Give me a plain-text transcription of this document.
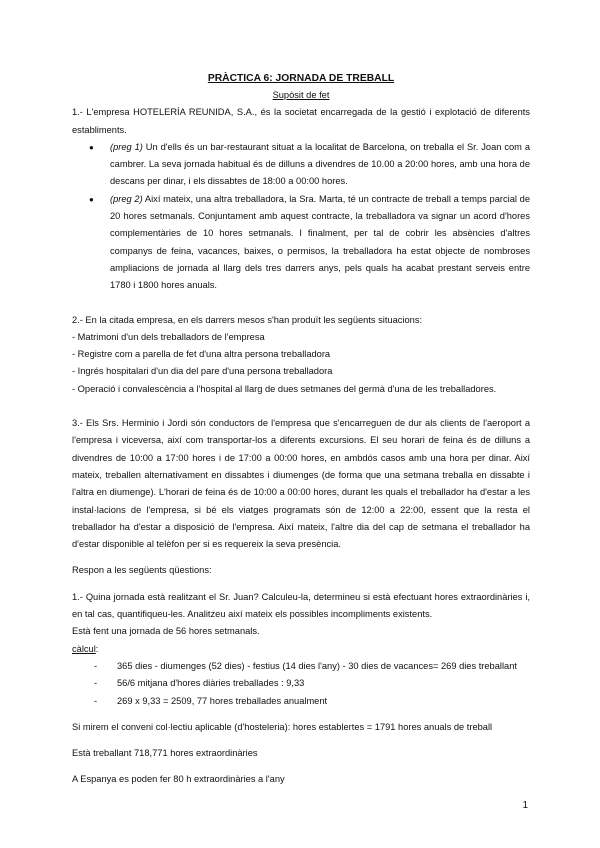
PRÀCTICA 6: JORNADA DE TREBALL

Supòsit de fet

1.- L'empresa HOTELERÍA REUNIDA, S.A., és la societat encarregada de la gestió i explotació de diferents establiments.

● (preg 1) Un d'ells és un bar-restaurant situat a la localitat de Barcelona, on treballa el Sr. Joan com a cambrer. La seva jornada habitual és de dilluns a divendres de 10.00 a 20:00 hores, amb una hora de descans per dinar, i els dissabtes de 18:00 a 00:00 hores.
● (preg 2) Així mateix, una altra treballadora, la Sra. Marta, té un contracte de treball a temps parcial de 20 hores setmanals. Conjuntament amb aquest contracte, la treballadora va signar un acord d'hores complementàries de 10 hores setmanals. I finalment, per tal de cobrir les absències d'altres companys de feina, vacances, baixes, o permisos, la treballadora ha estat objecte de nombroses ampliacions de jornada al llarg dels tres darrers anys, pels quals ha acabat prestant serveis entre 1780 i 1800 hores anuals.

2.- En la citada empresa, en els darrers mesos s'han produït les següents situacions:

- Matrimoni d'un dels treballadors de l'empresa
- Registre com a parella de fet d'una altra persona treballadora
- Ingrés hospitalari d'un dia del pare d'una persona treballadora
- Operació i convalescència a l'hospital al llarg de dues setmanes del germà d'una de les treballadores.

3.- Els Srs. Herminio i Jordi són conductors de l'empresa que s'encarreguen de dur als clients de l'aeroport a l'empresa i viceversa, així com transportar-los a diferents excursions. El seu horari de feina és de dilluns a divendres de 10:00 a 17:00 hores i de 17:00 a 00:00 hores, en ambdós casos amb una hora per dinar. Així mateix, treballen alternativament en dissabtes i diumenges (de forma que una setmana treballa en dissabte i l'altra en diumenge). L'horari de feina és de 10:00 a 00:00 hores, durant les quals el treballador ha d'estar a les instal·lacions de l'empresa, si bé els viatges programats són de 12:00 a 22:00, essent que la resta el treballador ha d'estar a disposició de l'empresa. Així mateix, l'altre dia del cap de setmana el treballador ha d'estar disponible al telèfon per si es requereix la seva presència.

Respon a les següents qüestions:

1.- Quina jornada està realitzant el Sr. Juan? Calculeu-la, determineu si està efectuant hores extraordinàries i, en tal cas, quantifiqueu-les. Analitzeu així mateix els possibles incompliments existents.

Està fent una jornada de 56 hores setmanals.

càlcul:

- 365 dies - diumenges (52 dies) - festius (14 dies l'any) - 30 dies de vacances= 269 dies treballant
- 56/6 mitjana d'hores diàries treballades : 9,33
- 269 x 9,33 = 2509, 77 hores treballades anualment

Si mirem el conveni col·lectiu aplicable (d'hosteleria): hores establertes = 1791 hores anuals de treball

Està treballant 718,771 hores extraordinàries

A Espanya es poden fer 80 h extraordinàries a l'any

1
